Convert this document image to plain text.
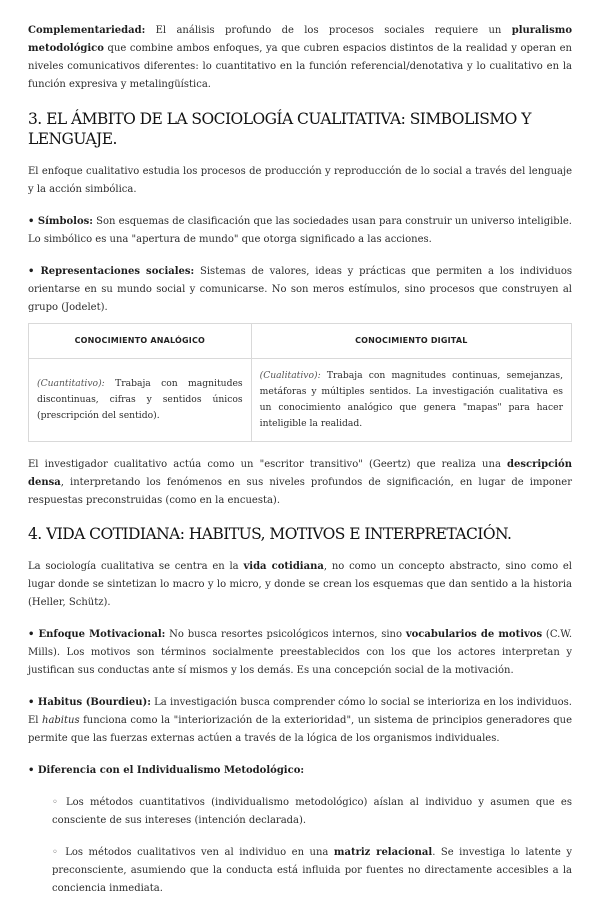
Complementariedad: El análisis profundo de los procesos sociales requiere un pluralismo metodológico que combine ambos enfoques, ya que cubren espacios distintos de la realidad y operan en niveles comunicativos diferentes: lo cuantitativo en la función referencial/denotativa y lo cualitativo en la función expresiva y metalingüística.

3. EL ÁMBITO DE LA SOCIOLOGÍA CUALITATIVA: SIMBOLISMO Y LENGUAJE.

El enfoque cualitativo estudia los procesos de producción y reproducción de lo social a través del lenguaje y la acción simbólica.

• Símbolos: Son esquemas de clasificación que las sociedades usan para construir un universo inteligible. Lo simbólico es una "apertura de mundo" que otorga significado a las acciones.

• Representaciones sociales: Sistemas de valores, ideas y prácticas que permiten a los individuos orientarse en su mundo social y comunicarse. No son meros estímulos, sino procesos que construyen al grupo (Jodelet).

CONOCIMIENTO ANALÓGICO	CONOCIMIENTO DIGITAL
(Cuantitativo): Trabaja con magnitudes discontinuas, cifras y sentidos únicos (prescripción del sentido).	(Cualitativo): Trabaja con magnitudes continuas, semejanzas, metáforas y múltiples sentidos. La investigación cualitativa es un conocimiento analógico que genera "mapas" para hacer inteligible la realidad.

El investigador cualitativo actúa como un "escritor transitivo" (Geertz) que realiza una descripción densa, interpretando los fenómenos en sus niveles profundos de significación, en lugar de imponer respuestas preconstruidas (como en la encuesta).

4. VIDA COTIDIANA: HABITUS, MOTIVOS E INTERPRETACIÓN.

La sociología cualitativa se centra en la vida cotidiana, no como un concepto abstracto, sino como el lugar donde se sintetizan lo macro y lo micro, y donde se crean los esquemas que dan sentido a la historia (Heller, Schütz).

• Enfoque Motivacional: No busca resortes psicológicos internos, sino vocabularios de motivos (C.W. Mills). Los motivos son términos socialmente preestablecidos con los que los actores interpretan y justifican sus conductas ante sí mismos y los demás. Es una concepción social de la motivación.

• Habitus (Bourdieu): La investigación busca comprender cómo lo social se interioriza en los individuos. El habitus funciona como la "interiorización de la exterioridad", un sistema de principios generadores que permite que las fuerzas externas actúen a través de la lógica de los organismos individuales.

• Diferencia con el Individualismo Metodológico:

◦ Los métodos cuantitativos (individualismo metodológico) aíslan al individuo y asumen que es consciente de sus intereses (intención declarada).

◦ Los métodos cualitativos ven al individuo en una matriz relacional. Se investiga lo latente y preconsciente, asumiendo que la conducta está influida por fuentes no directamente accesibles a la conciencia inmediata.
